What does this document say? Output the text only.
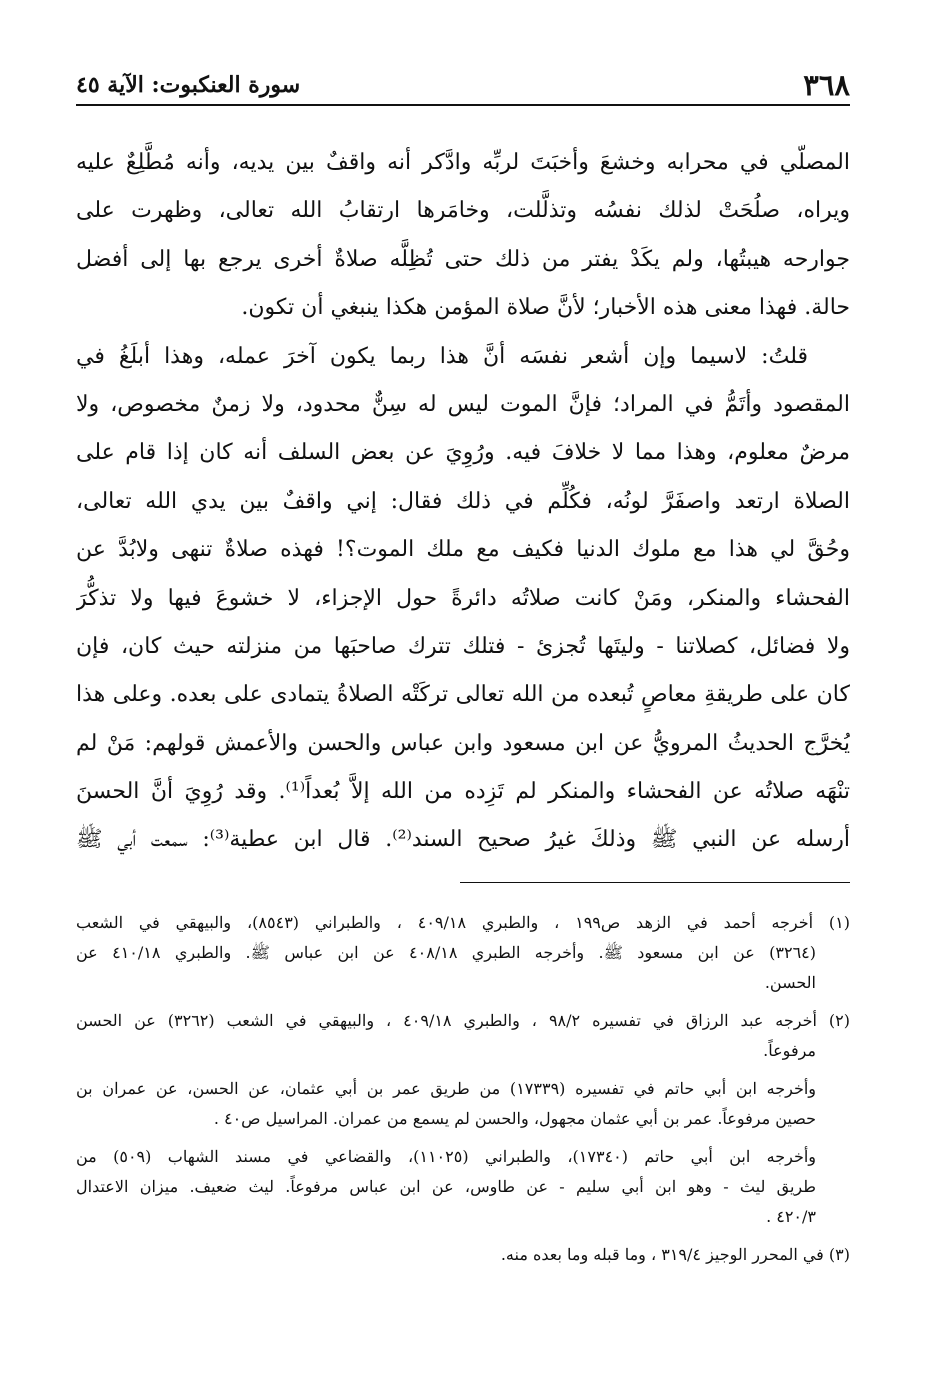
٣٦٨
سورة العنكبوت: الآية ٤٥

المصلّي في محرابه وخشعَ وأخبَتَ لربِّه وادَّكر أنه واقفٌ بين يديه، وأنه مُطَّلِعٌ عليه
ويراه، صلُحَتْ لذلك نفسُه وتذلَّلت، وخامَرها ارتقابُ الله تعالى، وظهرت على
جوارحه هيبتُها، ولم يكَدْ يفتر من ذلك حتى تُظِلَّه صلاةٌ أخرى يرجع بها إلى أفضل
حالة. فهذا معنى هذه الأخبار؛ لأنَّ صلاة المؤمن هكذا ينبغي أن تكون.

قلتُ: لاسيما وإن أشعر نفسَه أنَّ هذا ربما يكون آخرَ عمله، وهذا أبلَغُ في
المقصود وأتَمُّ في المراد؛ فإنَّ الموت ليس له سِنٌّ محدود، ولا زمنٌ مخصوص، ولا
مرضٌ معلوم، وهذا مما لا خلافَ فيه. ورُوِيَ عن بعض السلف أنه كان إذا قام على
الصلاة ارتعد واصفَرَّ لونُه، فكُلِّم في ذلك فقال: إني واقفٌ بين يدي الله تعالى،
وحُقَّ لي هذا مع ملوك الدنيا فكيف مع ملك الموت؟! فهذه صلاةٌ تنهى ولابُدَّ عن
الفحشاء والمنكر، ومَنْ كانت صلاتُه دائرةً حول الإجزاء، لا خشوعَ فيها ولا تذكُّرَ
ولا فضائل، كصلاتنا - وليتَها تُجزئ - فتلك تترك صاحبَها من منزلته حيث كان، فإن
كان على طريقةِ معاصٍ تُبعده من الله تعالى تركَتْه الصلاةُ يتمادى على بعده. وعلى هذا
يُخرَّج الحديثُ المرويُّ عن ابن مسعود وابن عباس والحسن والأعمش قولهم: مَنْ لم
تنْهَه صلاتُه عن الفحشاء والمنكر لم تَزِده من الله إلاَّ بُعداً⁽¹⁾. وقد رُوِيَ أنَّ الحسنَ
أرسله عن النبي ﷺ وذلكَ غيرُ صحيح السند⁽²⁾. قال ابن عطية⁽³⁾: سمعت أبي ﷺ

(١) أخرجه أحمد في الزهد ص١٩٩ ، والطبري ٤٠٩/١٨ ، والطبراني (٨٥٤٣)، والبيهقي في الشعب
(٣٢٦٤) عن ابن مسعود ﷺ. وأخرجه الطبري ٤٠٨/١٨ عن ابن عباس ﷺ. والطبري ٤١٠/١٨ عن
الحسن.
(٢) أخرجه عبد الرزاق في تفسيره ٩٨/٢ ، والطبري ٤٠٩/١٨ ، والبيهقي في الشعب (٣٢٦٢) عن الحسن
مرفوعاً.
وأخرجه ابن أبي حاتم في تفسيره (١٧٣٣٩) من طريق عمر بن أبي عثمان، عن الحسن، عن عمران بن
حصين مرفوعاً. عمر بن أبي عثمان مجهول، والحسن لم يسمع من عمران. المراسيل ص٤٠ .
وأخرجه ابن أبي حاتم (١٧٣٤٠)، والطبراني (١١٠٢٥)، والقضاعي في مسند الشهاب (٥٠٩) من
طريق ليث - وهو ابن أبي سليم - عن طاوس، عن ابن عباس مرفوعاً. ليث ضعيف. ميزان الاعتدال
٤٢٠/٣ .
(٣) في المحرر الوجيز ٣١٩/٤ ، وما قبله وما بعده منه.
